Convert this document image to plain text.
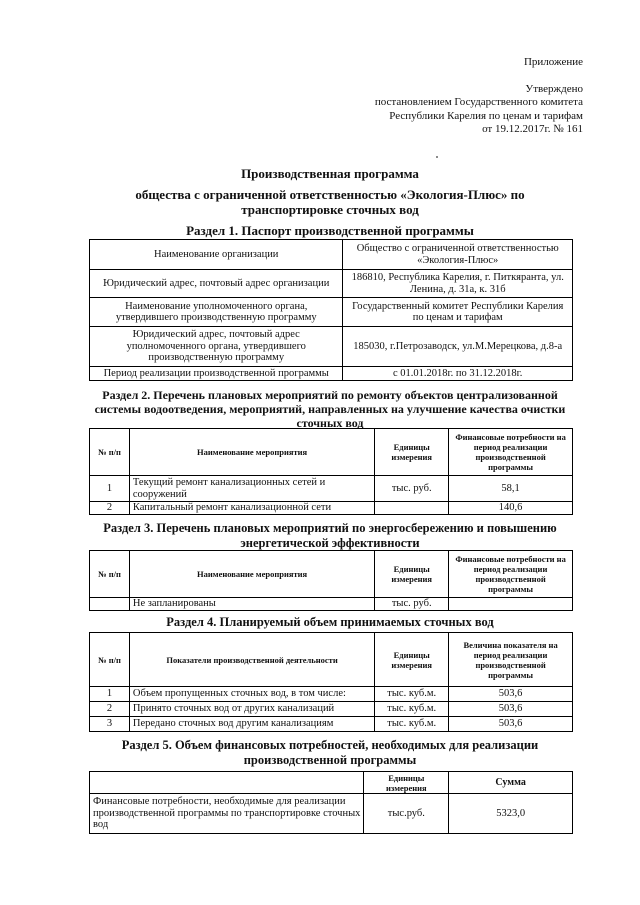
Приложение
Утверждено
постановлением Государственного комитета
Республики Карелия по ценам и тарифам
от 19.12.2017г. № 161
Производственная программа
общества с ограниченной ответственностью «Экология-Плюс» по
транспортировке сточных вод
Раздел 1. Паспорт производственной программы
Наименование организации	Общество с ограниченной ответственностью «Экология-Плюс»
Юридический адрес, почтовый адрес организации	186810, Республика Карелия, г. Питкяранта, ул. Ленина, д. 31а, к. 31б
Наименование уполномоченного органа, утвердившего производственную программу	Государственный комитет Республики Карелия по ценам и тарифам
Юридический адрес, почтовый адрес уполномоченного органа, утвердившего производственную программу	185030, г.Петрозаводск, ул.М.Мерецкова, д.8-а
Период реализации производственной программы	с 01.01.2018г. по 31.12.2018г.
Раздел 2. Перечень плановых мероприятий по ремонту объектов централизованной
системы водоотведения, мероприятий, направленных на улучшение качества очистки
сточных вод
№ п/п	Наименование мероприятия	Единицы измерения	Финансовые потребности на период реализации производственной программы
1	Текущий ремонт канализационных сетей и сооружений	тыс. руб.	58,1
2	Капитальный ремонт канализационной сети		140,6
Раздел 3. Перечень плановых мероприятий по энергосбережению и повышению
энергетической эффективности
№ п/п	Наименование мероприятия	Единицы измерения	Финансовые потребности на период реализации производственной программы
	Не запланированы	тыс. руб.	
Раздел 4. Планируемый объем принимаемых сточных вод
№ п/п	Показатели производственной деятельности	Единицы измерения	Величина показателя на период реализации производственной программы
1	Объем пропущенных сточных вод, в том числе:	тыс. куб.м.	503,6
2	Принято сточных вод от других канализаций	тыс. куб.м.	503,6
3	Передано сточных вод другим канализациям	тыс. куб.м.	503,6
Раздел 5. Объем финансовых потребностей, необходимых для реализации
производственной программы
	Единицы измерения	Сумма
Финансовые потребности, необходимые для реализации производственной программы по транспортировке сточных вод	тыс.руб.	5323,0
